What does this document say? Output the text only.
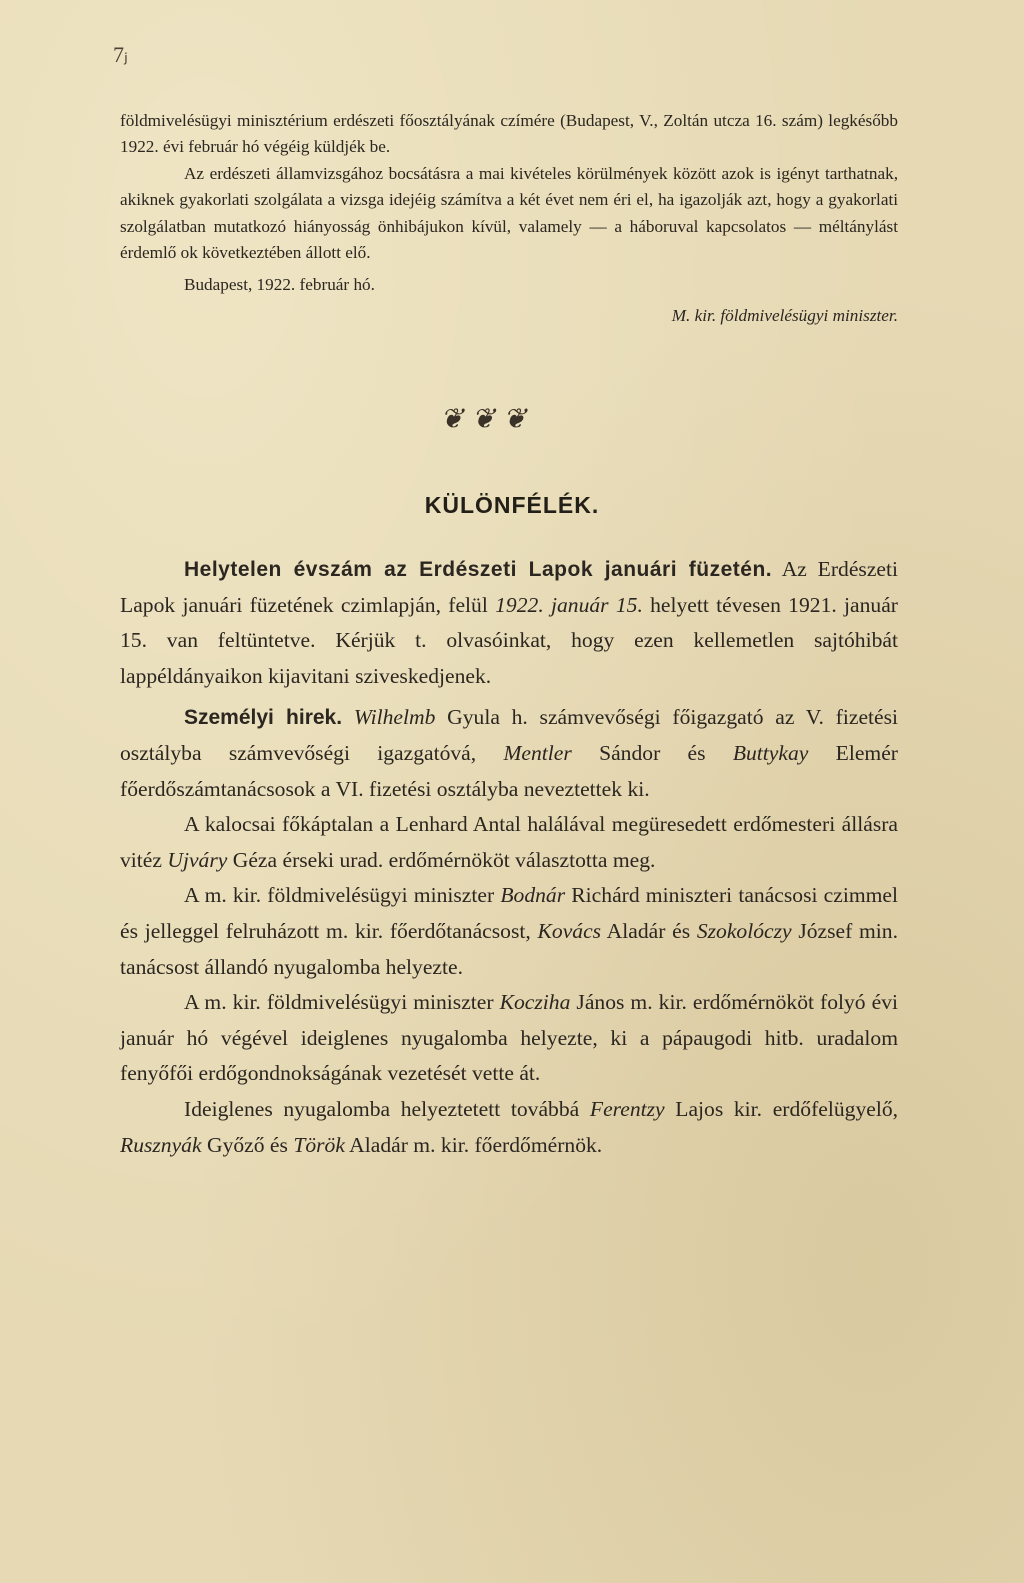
7ⱼ

földmivelésügyi minisztérium erdészeti főosztályának czímére (Budapest, V., Zoltán utcza 16. szám) legkésőbb 1922. évi február hó végéig küldjék be.

Az erdészeti államvizsgához bocsátásra a mai kivételes körülmények között azok is igényt tarthatnak, akiknek gyakorlati szolgálata a vizsga idejéig számítva a két évet nem éri el, ha igazolják azt, hogy a gyakorlati szolgálatban mutatkozó hiányosság önhibájukon kívül, valamely — a háboruval kapcsolatos — méltánylást érdemlő ok következtében állott elő.

Budapest, 1922. február hó.

M. kir. földmivelésügyi miniszter.

❦❦❦
KÜLÖNFÉLÉK.

Helytelen évszám az Erdészeti Lapok januári füzetén. Az Erdészeti Lapok januári füzetének czimlapján, felül 1922. január 15. helyett tévesen 1921. január 15. van feltüntetve. Kérjük t. olvasóinkat, hogy ezen kellemetlen sajtóhibát lappéldányaikon kijavitani sziveskedjenek.

Személyi hirek. Wilhelmb Gyula h. számvevőségi főigazgató az V. fizetési osztályba számvevőségi igazgatóvá, Mentler Sándor és Buttykay Elemér főerdőszámtanácsosok a VI. fizetési osztályba neveztettek ki.

A kalocsai főkáptalan a Lenhard Antal halálával megüresedett erdőmesteri állásra vitéz Ujváry Géza érseki urad. erdőmérnököt választotta meg.

A m. kir. földmivelésügyi miniszter Bodnár Richárd miniszteri tanácsosi czimmel és jelleggel felruházott m. kir. főerdőtanácsost, Kovács Aladár és Szokolóczy József min. tanácsost állandó nyugalomba helyezte.

A m. kir. földmivelésügyi miniszter Kocziha János m. kir. erdőmérnököt folyó évi január hó végével ideiglenes nyugalomba helyezte, ki a pápaugodi hitb. uradalom fenyőfői erdőgondnokságának vezetését vette át.

Ideiglenes nyugalomba helyeztetett továbbá Ferentzy Lajos kir. erdőfelügyelő, Rusznyák Győző és Török Aladár m. kir. főerdőmérnök.
